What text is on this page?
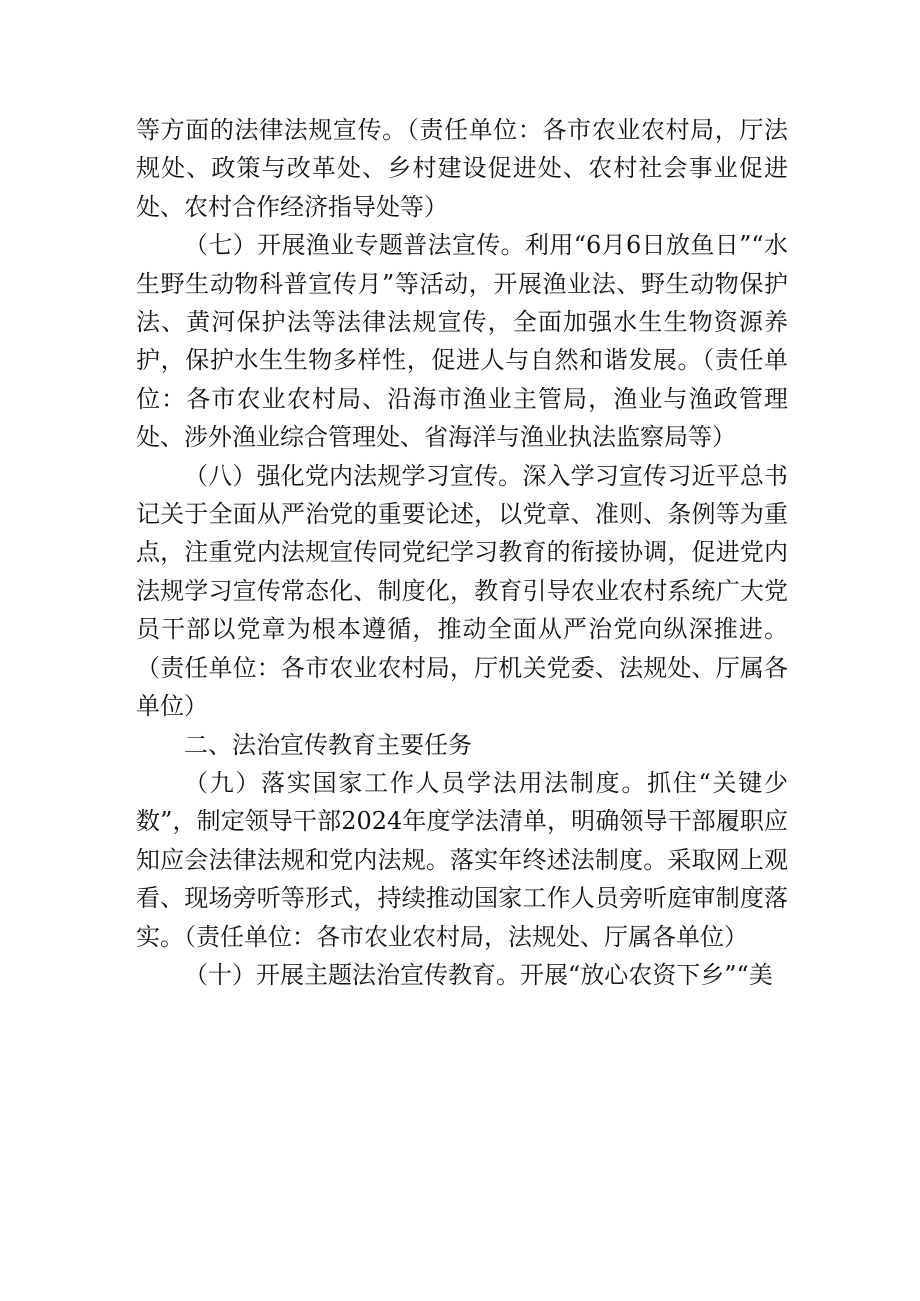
等方面的法律法规宣传。（责任单位：各市农业农村局，厅法规处、政策与改革处、乡村建设促进处、农村社会事业促进处、农村合作经济指导处等）

（七）开展渔业专题普法宣传。利用“6月6日放鱼日”“水生野生动物科普宣传月”等活动，开展渔业法、野生动物保护法、黄河保护法等法律法规宣传，全面加强水生生物资源养护，保护水生生物多样性，促进人与自然和谐发展。（责任单位：各市农业农村局、沿海市渔业主管局，渔业与渔政管理处、涉外渔业综合管理处、省海洋与渔业执法监察局等）

（八）强化党内法规学习宣传。深入学习宣传习近平总书记关于全面从严治党的重要论述，以党章、准则、条例等为重点，注重党内法规宣传同党纪学习教育的衔接协调，促进党内法规学习宣传常态化、制度化，教育引导农业农村系统广大党员干部以党章为根本遵循，推动全面从严治党向纵深推进。（责任单位：各市农业农村局，厅机关党委、法规处、厅属各单位）

二、法治宣传教育主要任务

（九）落实国家工作人员学法用法制度。抓住“关键少数”，制定领导干部2024年度学法清单，明确领导干部履职应知应会法律法规和党内法规。落实年终述法制度。采取网上观看、现场旁听等形式，持续推动国家工作人员旁听庭审制度落实。（责任单位：各市农业农村局，法规处、厅属各单位）

（十）开展主题法治宣传教育。开展“放心农资下乡”“美
